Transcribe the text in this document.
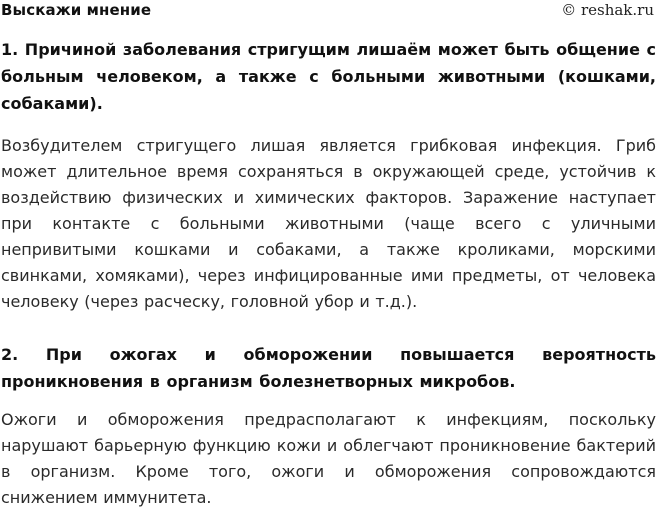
Выскажи мнение	© reshak.ru
1. Причиной заболевания стригущим лишаём может быть общение с больным человеком, а также с больными животными (кошками, собаками).
Возбудителем стригущего лишая является грибковая инфекция. Гриб может длительное время сохраняться в окружающей среде, устойчив к воздействию физических и химических факторов. Заражение наступает при контакте с больными животными (чаще всего с уличными непривитыми кошками и собаками, а также кроликами, морскими свинками, хомяками), через инфицированные ими предметы, от человека человеку (через расческу, головной убор и т.д.).
2. При ожогах и обморожении повышается вероятность проникновения в организм болезнетворных микробов.
Ожоги и обморожения предрасполагают к инфекциям, поскольку нарушают барьерную функцию кожи и облегчают проникновение бактерий в организм. Кроме того, ожоги и обморожения сопровождаются снижением иммунитета.
